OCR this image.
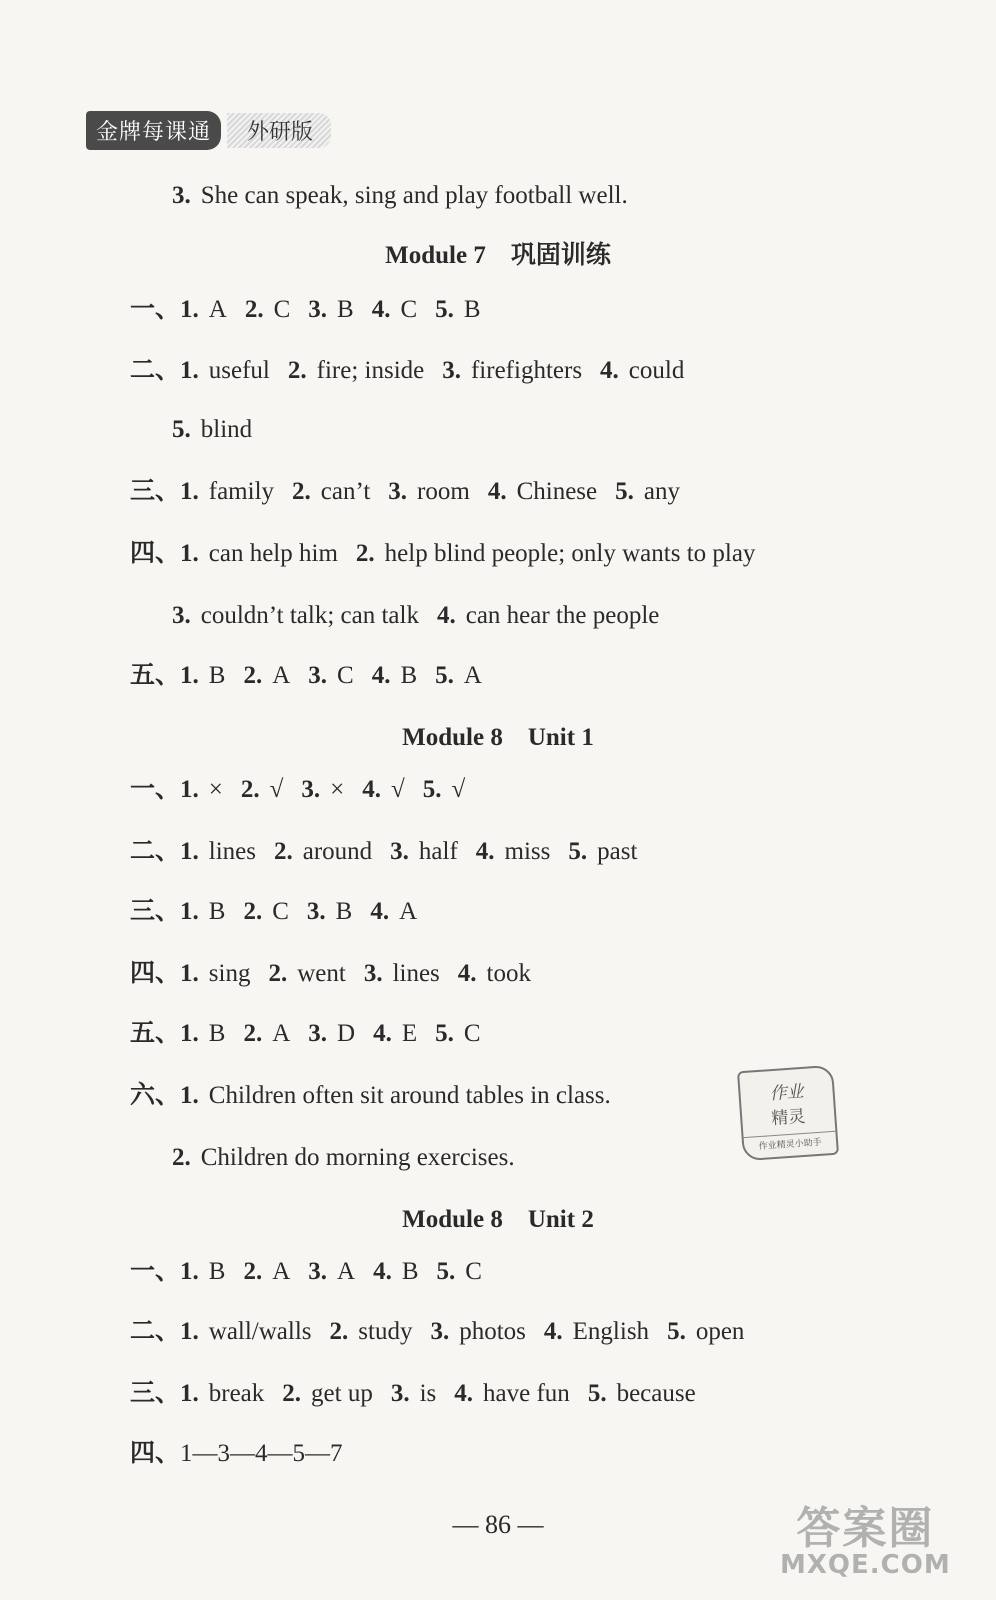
金牌每课通	外研版
3. She can speak, sing and play football well.
Module 7　巩固训练
一、1. A 2. C 3. B 4. C 5. B
二、1. useful 2. fire; inside 3. firefighters 4. could
5. blind
三、1. family 2. can’t 3. room 4. Chinese 5. any
四、1. can help him 2. help blind people; only wants to play
3. couldn’t talk; can talk 4. can hear the people
五、1. B 2. A 3. C 4. B 5. A
Module 8　Unit 1
一、1. × 2. √ 3. × 4. √ 5. √
二、1. lines 2. around 3. half 4. miss 5. past
三、1. B 2. C 3. B 4. A
四、1. sing 2. went 3. lines 4. took
五、1. B 2. A 3. D 4. E 5. C
六、1. Children often sit around tables in class.
2. Children do morning exercises.
Module 8　Unit 2
一、1. B 2. A 3. A 4. B 5. C
二、1. wall/walls 2. study 3. photos 4. English 5. open
三、1. break 2. get up 3. is 4. have fun 5. because
四、1—3—4—5—7
作业
精灵
作业精灵小助手
— 86 —	答案圈
MXQE.COM
